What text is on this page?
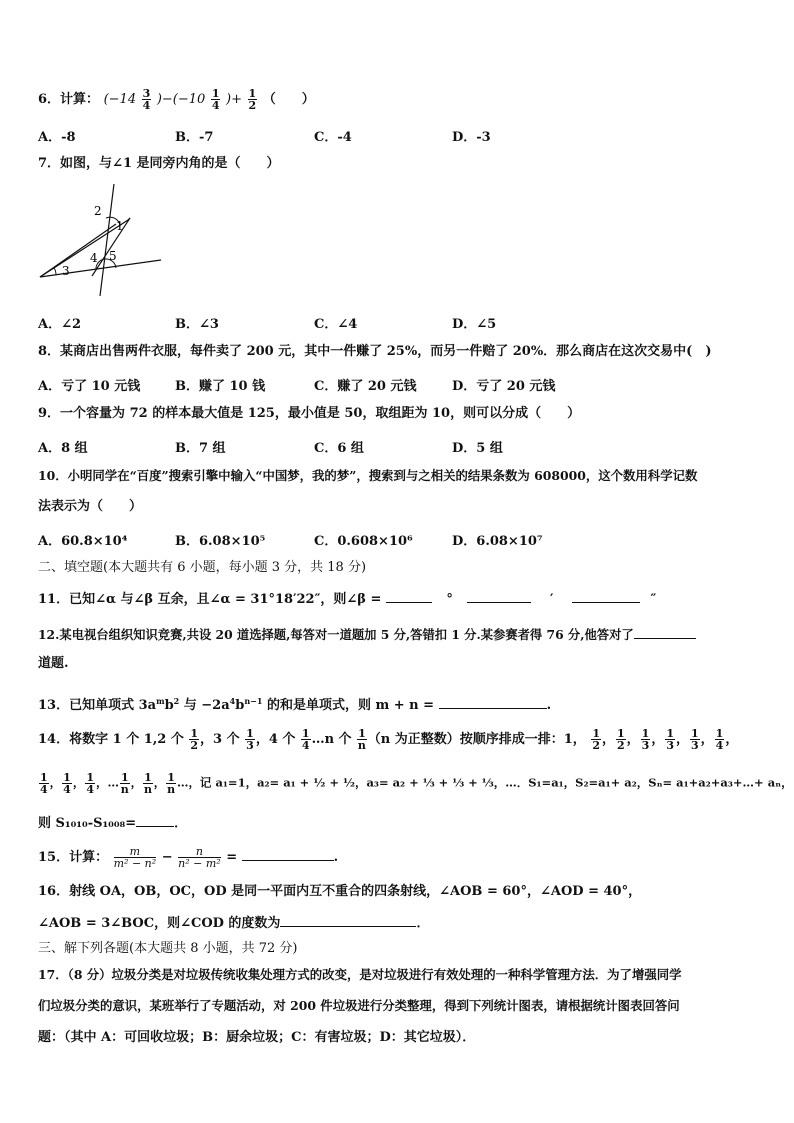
6．计算： $(-14 \frac{3}{4} )-(-10 \frac{1}{4}$ )+ $\frac{1}{2}$ （　　）
A．-8	B．-7	C．-4	D．-3
7．如图，与∠1 是同旁内角的是（　　）
2
1
3
4 5
A．∠2	B．∠3	C．∠4	D．∠5
8．某商店出售两件衣服，每件卖了 200 元，其中一件赚了 25%，而另一件赔了 20%．那么商店在这次交易中(　)
A．亏了 10 元钱	B．赚了 10 钱	C．赚了 20 元钱	D．亏了 20 元钱
9．一个容量为 72 的样本最大值是 125，最小值是 50，取组距为 10，则可以分成（　　）
A．8 组	B．7 组	C．6 组	D．5 组
10．小明同学在“百度”搜索引擎中输入“中国梦，我的梦”，搜索到与之相关的结果条数为 608000，这个数用科学记数
法表示为（　　）
A．60.8×10⁴	B．6.08×10⁵	C．0.608×10⁶	D．6.08×10⁷
二、填空题(本大题共有 6 小题，每小题 3 分，共 18 分)
11．已知∠α 与∠β 互余，且∠α = 31°18′22″，则∠β =	°	′	″
12.某电视台组织知识竞赛,共设 20 道选择题,每答对一道题加 5 分,答错扣 1 分.某参赛者得 76 分,他答对了
道题.
13．已知单项式 $3a^mb^2$ 与 $-2a^4b^{n-1}$ 的和是单项式，则 m + n =	.
14．将数字 1 个 1,2 个 $\frac{1}{2}$ ，3 个 $\frac{1}{3}$ ，4 个 $\frac{1}{4}$ …n 个 $\frac{1}{n} (n$ 为正整数）按顺序排成一排：1， $\frac{1}{2}$ ， $\frac{1}{2}$ ， $\frac{1}{3}$ ， $\frac{1}{3}$ ， $\frac{1}{3}$ ， $\frac{1}{4}$ ，
$\frac{1}{4}$ ， $\frac{1}{4}$ ， $\frac{1}{4}$ ，… $\frac{1}{n}$ ， $\frac{1}{n}$ ， $\frac{1}{n}$ …，记 a₁=1，a₂= a₁ + ½ + ½，a₃= a₂ + ⅓ + ⅓ + ⅓，…．S₁=a₁，S₂=a₁+ a₂，Sₙ= a₁+a₂+a₃+…+ aₙ，
则 S₁₀₁₀-S₁₀₀₈=	．
15．计算： $\frac{m}{\text{m² − n²}} - \frac{n}{\text{n² − m²}}$ =	.
16．射线 OA，OB，OC，OD 是同一平面内互不重合的四条射线，∠AOB = 60°，∠AOD = 40°，
∠AOB = 3∠BOC，则∠COD 的度数为	．
三、解下列各题(本大题共 8 小题，共 72 分)
17．（8 分）垃圾分类是对垃圾传统收集处理方式的改变，是对垃圾进行有效处理的一种科学管理方法．为了增强同学
们垃圾分类的意识，某班举行了专题活动，对 200 件垃圾进行分类整理，得到下列统计图表，请根据统计图表回答问
题：（其中 A：可回收垃圾；B：厨余垃圾；C：有害垃圾；D：其它垃圾）．
